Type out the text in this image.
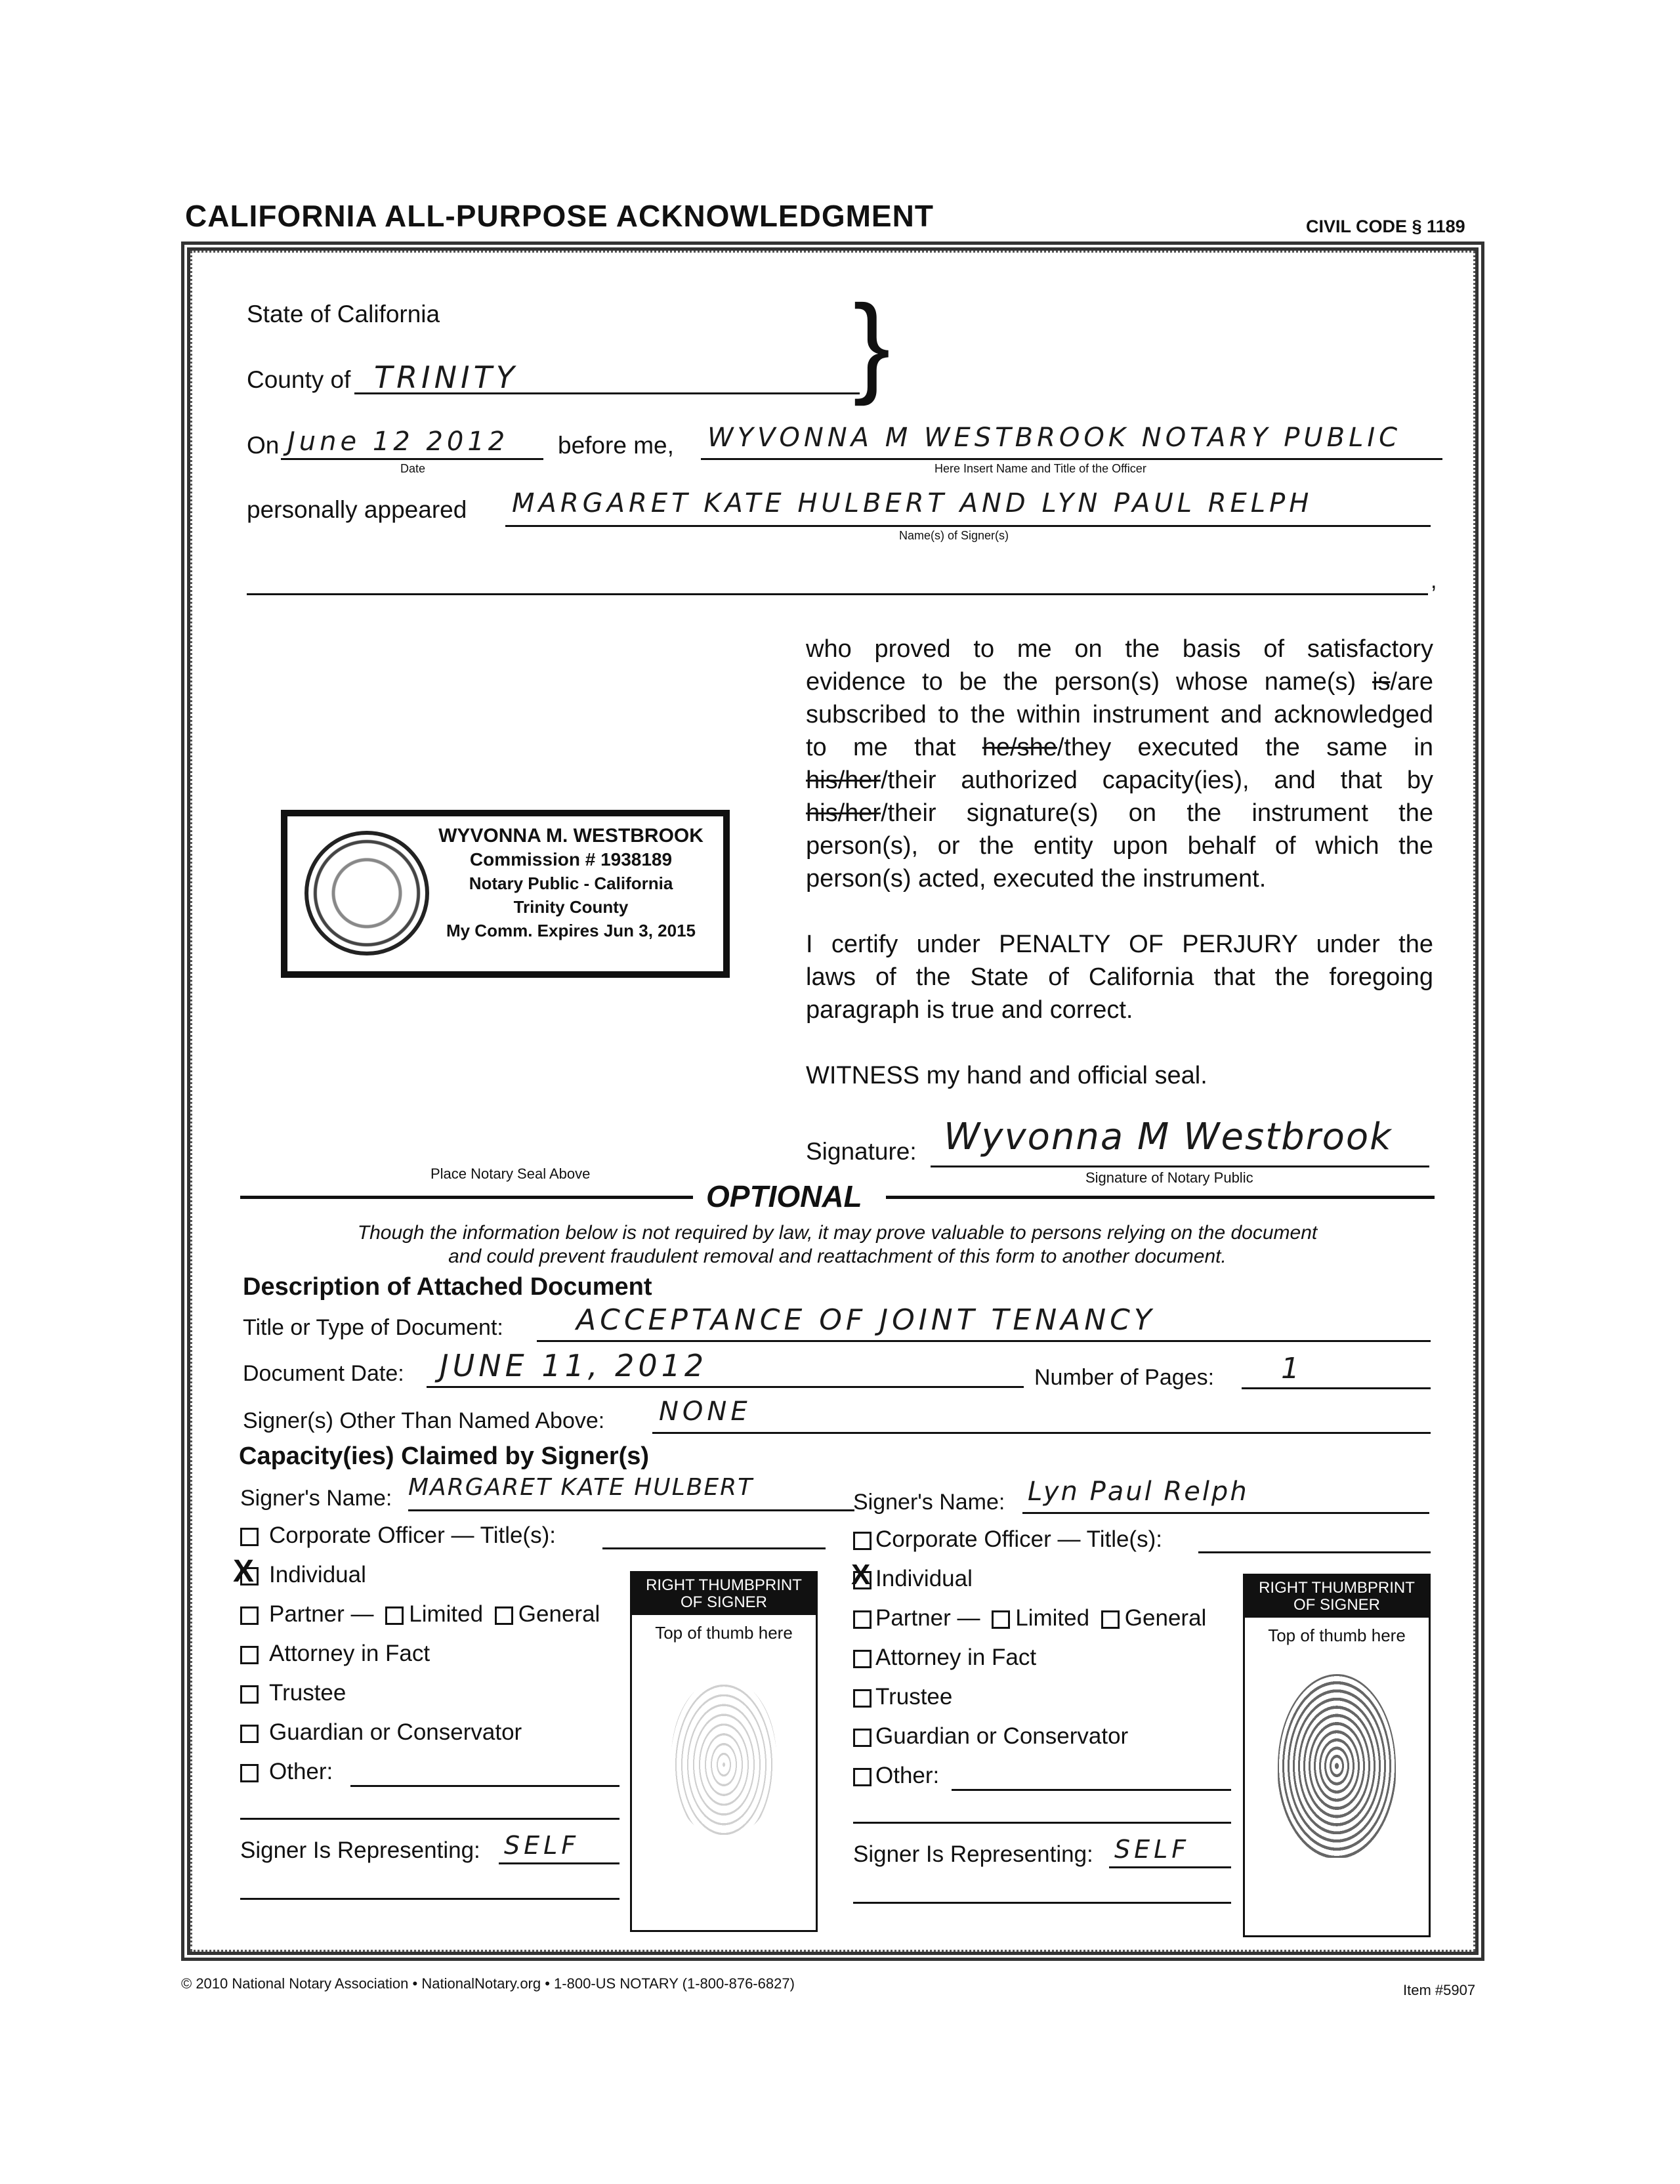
CALIFORNIA ALL-PURPOSE ACKNOWLEDGMENT	CIVIL CODE § 1189
State of California
County of TRINITY	}
On June 12 2012
Date
before me, WYVONNA M WESTBROOK NOTARY PUBLIC
Here Insert Name and Title of the Officer
personally appeared MARGARET KATE HULBERT AND LYN PAUL RELPH
Name(s) of Signer(s)
,
WYVONNA M. WESTBROOK
Commission # 1938189
Notary Public - California
Trinity County
My Comm. Expires Jun 3, 2015
Place Notary Seal Above
who proved to me on the basis of satisfactory
evidence to be the person(s) whose name(s) is/are
subscribed to the within instrument and acknowledged
to me that he/she/they executed the same in
his/her/their authorized capacity(ies), and that by
his/her/their signature(s) on the instrument the
person(s), or the entity upon behalf of which the
person(s) acted, executed the instrument.
I certify under PENALTY OF PERJURY under the
laws of the State of California that the foregoing
paragraph is true and correct.
WITNESS my hand and official seal.
Signature: Wyvonna M Westbrook
Signature of Notary Public
OPTIONAL
Though the information below is not required by law, it may prove valuable to persons relying on the document
and could prevent fraudulent removal and reattachment of this form to another document.
Description of Attached Document
Title or Type of Document:	ACCEPTANCE OF JOINT TENANCY
Document Date:	JUNE 11, 2012	Number of Pages:	1
Signer(s) Other Than Named Above: NONE
Capacity(ies) Claimed by Signer(s)
Signer's Name: MARGARET KATE HULBERT
Corporate Officer — Title(s):
X Individual
Partner — Limited General
Attorney in Fact
Trustee
Guardian or Conservator
Other:
Signer Is Representing: SELF
RIGHT THUMBPRINT
OF SIGNER
Top of thumb here
Signer's Name: Lyn Paul Relph
Corporate Officer — Title(s):
X Individual
Partner — Limited General
Attorney in Fact
Trustee
Guardian or Conservator
Other:
Signer Is Representing: SELF
RIGHT THUMBPRINT
OF SIGNER
Top of thumb here
© 2010 National Notary Association • NationalNotary.org • 1-800-US NOTARY (1-800-876-6827)	Item #5907
